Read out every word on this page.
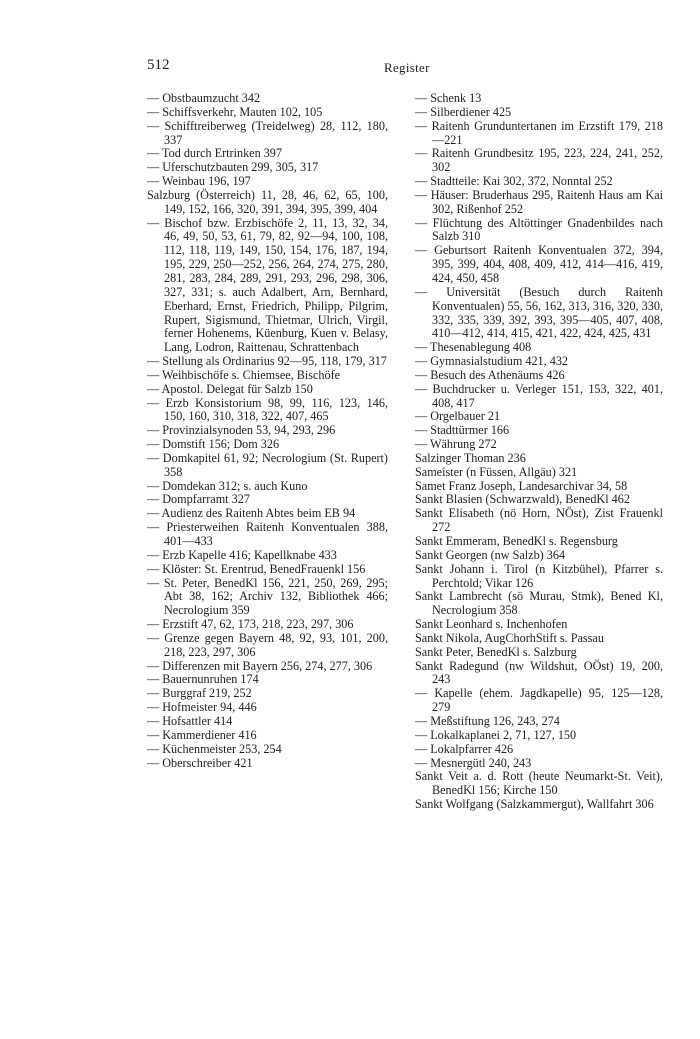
512	Register

— Obstbaumzucht 342

— Schiffsverkehr, Mauten 102, 105

— Schifftreiberweg (Treidelweg) 28, 112, 180, 337

— Tod durch Ertrinken 397

— Uferschutzbauten 299, 305, 317

— Weinbau 196, 197

Salzburg (Österreich) 11, 28, 46, 62, 65, 100, 149, 152, 166, 320, 391, 394, 395, 399, 404

— Bischof bzw. Erzbischöfe 2, 11, 13, 32, 34, 46, 49, 50, 53, 61, 79, 82, 92—94, 100, 108, 112, 118, 119, 149, 150, 154, 176, 187, 194, 195, 229, 250—252, 256, 264, 274, 275, 280, 281, 283, 284, 289, 291, 293, 296, 298, 306, 327, 331; s. auch Adalbert, Arn, Bernhard, Eberhard, Ernst, Friedrich, Philipp, Pilgrim, Rupert, Sigismund, Thietmar, Ulrich, Virgil, ferner Hohenems, Küenburg, Kuen v. Belasy, Lang, Lodron, Raittenau, Schrattenbach

— Stellung als Ordinarius 92—95, 118, 179, 317

— Weihbischöfe s. Chiemsee, Bischöfe

— Apostol. Delegat für Salzb 150

— Erzb Konsistorium 98, 99, 116, 123, 146, 150, 160, 310, 318, 322, 407, 465

— Provinzialsynoden 53, 94, 293, 296

— Domstift 156; Dom 326

— Domkapitel 61, 92; Necrologium (St. Rupert) 358

— Domdekan 312; s. auch Kuno

— Dompfarramt 327

— Audienz des Raitenh Abtes beim EB 94

— Priesterweihen Raitenh Konventualen 388, 401—433

— Erzb Kapelle 416; Kapellknabe 433

— Klöster: St. Erentrud, BenedFrauenkl 156

— St. Peter, BenedKl 156, 221, 250, 269, 295; Abt 38, 162; Archiv 132, Bibliothek 466; Necrologium 359

— Erzstift 47, 62, 173, 218, 223, 297, 306

— Grenze gegen Bayern 48, 92, 93, 101, 200, 218, 223, 297, 306

— Differenzen mit Bayern 256, 274, 277, 306

— Bauernunruhen 174

— Burggraf 219, 252

— Hofmeister 94, 446

— Hofsattler 414

— Kammerdiener 416

— Küchenmeister 253, 254

— Oberschreiber 421

— Schenk 13

— Silberdiener 425

— Raitenh Grunduntertanen im Erzstift 179, 218—221

— Raitenh Grundbesitz 195, 223, 224, 241, 252, 302

— Stadtteile: Kai 302, 372, Nonntal 252

— Häuser: Bruderhaus 295, Raitenh Haus am Kai 302, Rißenhof 252

— Flüchtung des Altöttinger Gnadenbildes nach Salzb 310

— Geburtsort Raitenh Konventualen 372, 394, 395, 399, 404, 408, 409, 412, 414—416, 419, 424, 450, 458

— Universität (Besuch durch Raitenh Konventualen) 55, 56, 162, 313, 316, 320, 330, 332, 335, 339, 392, 393, 395—405, 407, 408, 410—412, 414, 415, 421, 422, 424, 425, 431

— Thesenablegung 408

— Gymnasialstudium 421, 432

— Besuch des Athenäums 426

— Buchdrucker u. Verleger 151, 153, 322, 401, 408, 417

— Orgelbauer 21

— Stadttürmer 166

— Währung 272

Salzinger Thoman 236

Sameister (n Füssen, Allgäu) 321

Samet Franz Joseph, Landesarchivar 34, 58

Sankt Blasien (Schwarzwald), BenedKl 462

Sankt Elisabeth (nö Horn, NÖst), Zist Frauenkl 272

Sankt Emmeram, BenedKl s. Regensburg

Sankt Georgen (nw Salzb) 364

Sankt Johann i. Tirol (n Kitzbühel), Pfarrer s. Perchtold; Vikar 126

Sankt Lambrecht (sö Murau, Stmk), Bened Kl, Necrologium 358

Sankt Leonhard s. Inchenhofen

Sankt Nikola, AugChorhStift s. Passau

Sankt Peter, BenedKl s. Salzburg

Sankt Radegund (nw Wildshut, OÖst) 19, 200, 243

— Kapelle (ehem. Jagdkapelle) 95, 125—128, 279

— Meßstiftung 126, 243, 274

— Lokalkaplanei 2, 71, 127, 150

— Lokalpfarrer 426

— Mesnergütl 240, 243

Sankt Veit a. d. Rott (heute Neumarkt-St. Veit), BenedKl 156; Kirche 150

Sankt Wolfgang (Salzkammergut), Wallfahrt 306
